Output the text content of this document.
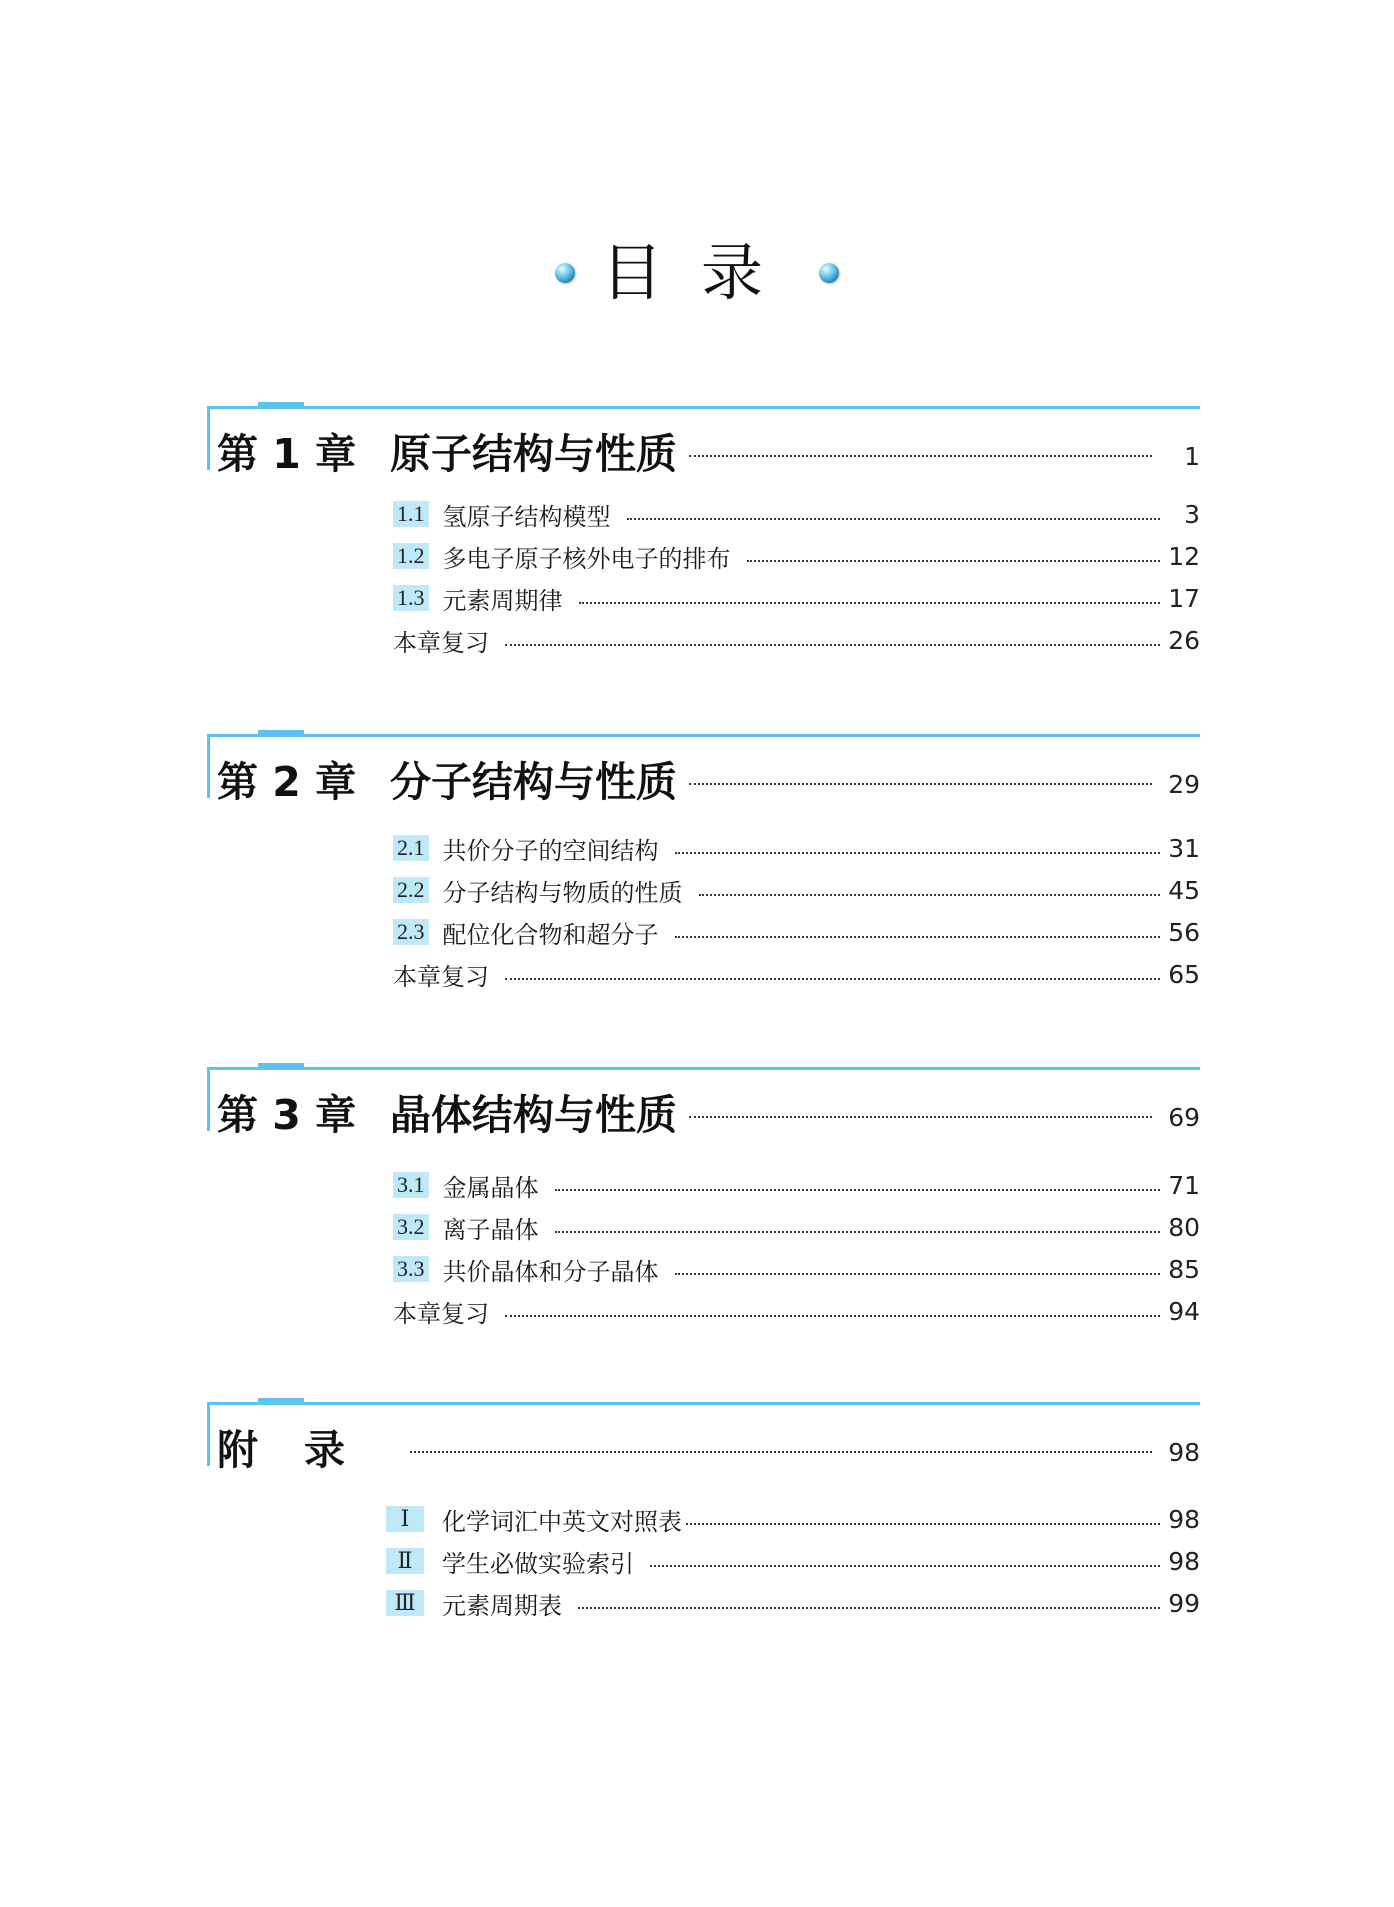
目录
第 1 章 原子结构与性质	1
1.1 氢原子结构模型	3
1.2 多电子原子核外电子的排布	12
1.3 元素周期律	17
本章复习	26
第 2 章 分子结构与性质	29
2.1 共价分子的空间结构	31
2.2 分子结构与物质的性质	45
2.3 配位化合物和超分子	56
本章复习	65
第 3 章 晶体结构与性质	69
3.1 金属晶体	71
3.2 离子晶体	80
3.3 共价晶体和分子晶体	85
本章复习	94
附录	98
Ⅰ	化学词汇中英文对照表	98
Ⅱ	学生必做实验索引	98
Ⅲ	元素周期表	99
